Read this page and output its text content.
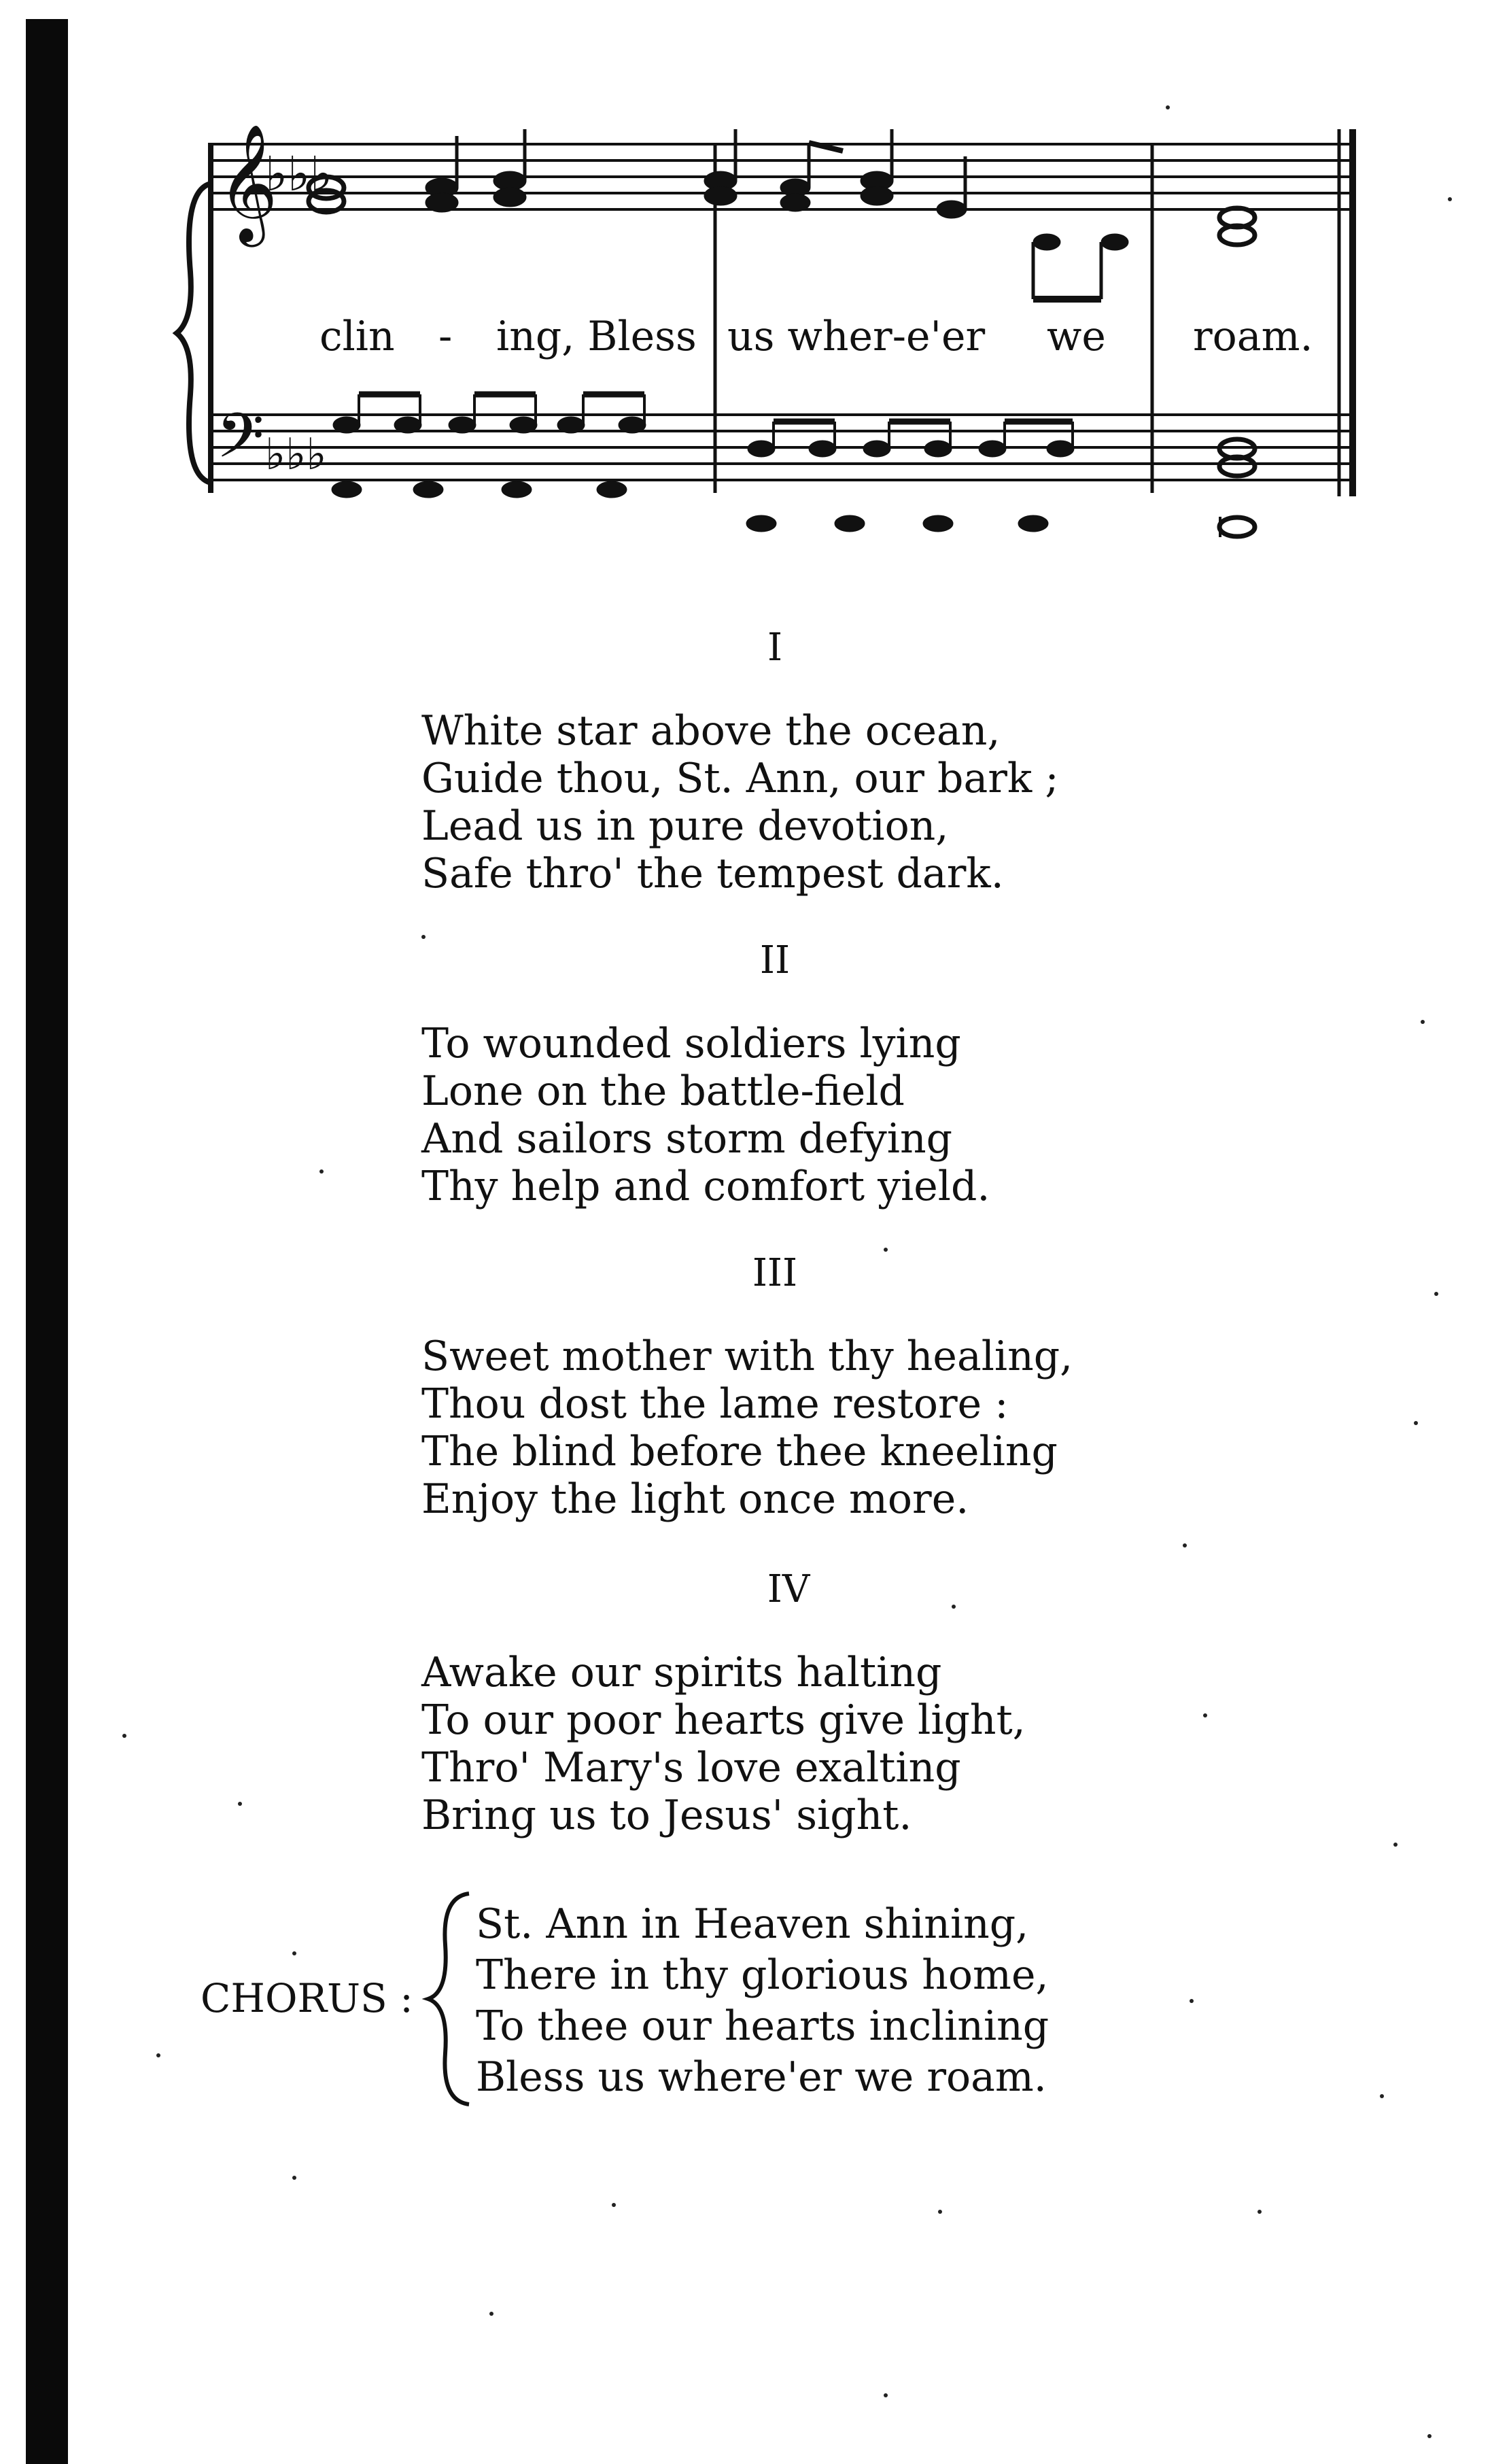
𝄞
♭♭♭
𝄢 ♭♭♭
clin - ing, Bless us wher-e'er we roam.
I
White star above the ocean,
Guide thou, St. Ann, our bark ;
Lead us in pure devotion,
Safe thro' the tempest dark.
II
To wounded soldiers lying
Lone on the battle-field
And sailors storm defying
Thy help and comfort yield.
III
Sweet mother with thy healing,
Thou dost the lame restore :
The blind before thee kneeling
Enjoy the light once more.
IV
Awake our spirits halting
To our poor hearts give light,
Thro' Mary's love exalting
Bring us to Jesus' sight.
CHORUS :
St. Ann in Heaven shining,
There in thy glorious home,
To thee our hearts inclining
Bless us where'er we roam.
